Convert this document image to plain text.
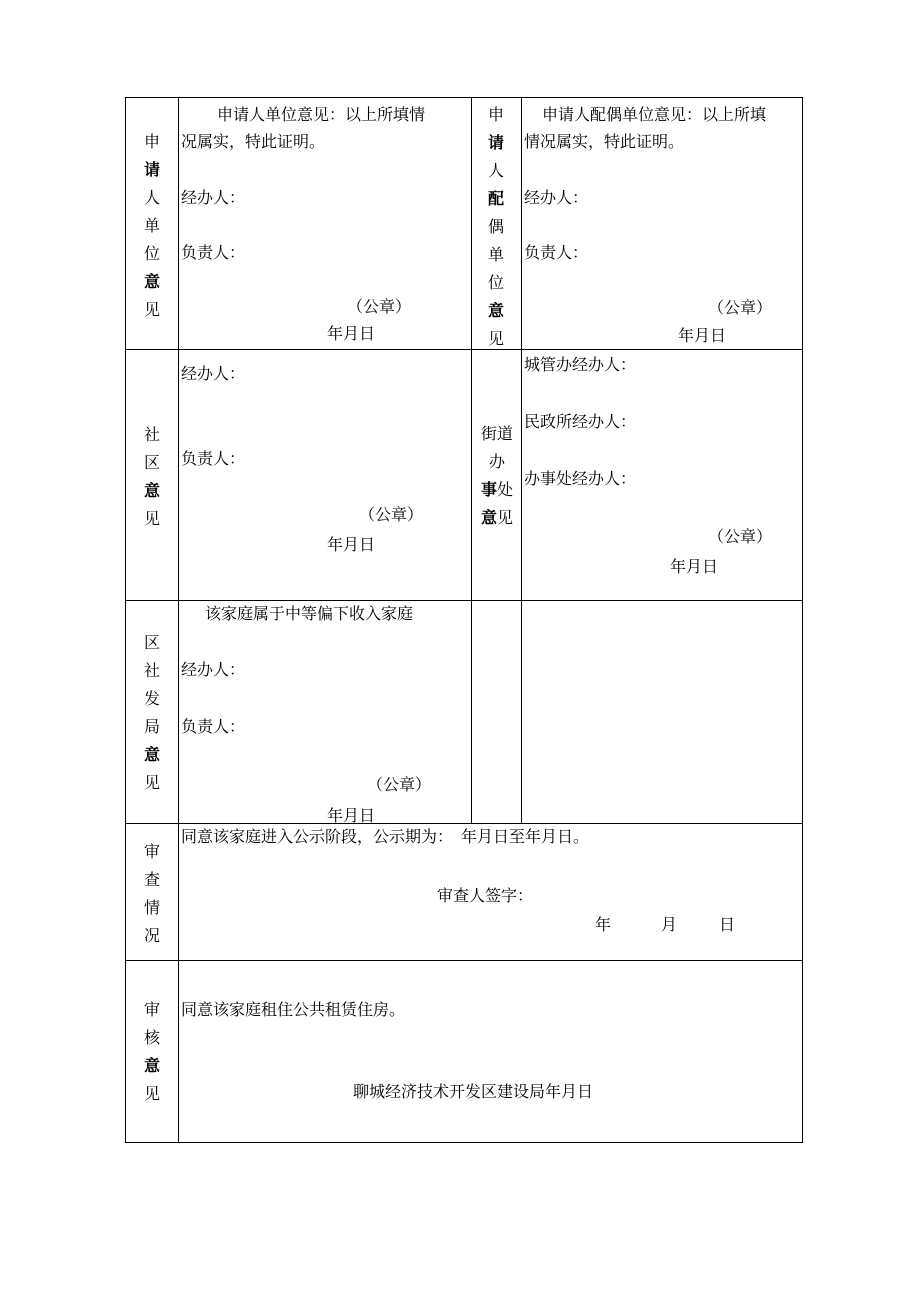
申
请
人
单
位
意
见
申请人单位意见：以上所填情
况属实，特此证明。
经办人：
负责人：
（公章）
年月日
申
请
人
配
偶
单
位
意
见
申请人配偶单位意见：以上所填
情况属实，特此证明。
经办人：
负责人：
（公章）
年月日
社
区
意
见
经办人：
负责人：
（公章）
年月日
街道
办
事处
意见
城管办经办人：
民政所经办人：
办事处经办人：
（公章）
年月日
区
社
发
局
意
见
该家庭属于中等偏下收入家庭
经办人：
负责人：
（公章）
年月日
审
查
情
况
同意该家庭进入公示阶段，公示期为：　年月日至年月日。
审查人签字：
年	月	日
审
核
意
见
同意该家庭租住公共租赁住房。
聊城经济技术开发区建设局年月日
